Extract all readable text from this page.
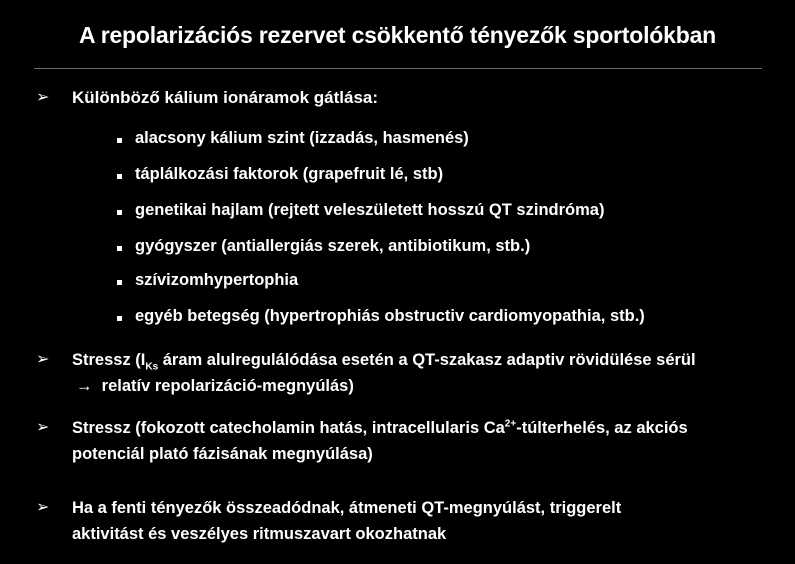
A repolarizációs rezervet csökkentő tényezők sportolókban
➢ Különböző kálium ionáramok gátlása:
alacsony kálium szint (izzadás, hasmenés)
táplálkozási faktorok (grapefruit lé, stb)
genetikai hajlam (rejtett veleszületett hosszú QT szindróma)
gyógyszer (antiallergiás szerek, antibiotikum, stb.)
szívizomhypertophia
egyéb betegség (hypertrophiás obstructiv cardiomyopathia, stb.)
➢ Stressz ($I_{Ks}$ áram alulregulálódása esetén a QT-szakasz adaptiv rövidülése sérül
→ relatív repolarizáció-megnyúlás)
➢ Stressz (fokozott catecholamin hatás, intracellularis $Ca^{2+}$-túlterhelés, az akciós
potenciál plató fázisának megnyúlása)
➢ Ha a fenti tényezők összeadódnak, átmeneti QT-megnyúlást, triggerelt
aktivitást és veszélyes ritmuszavart okozhatnak
